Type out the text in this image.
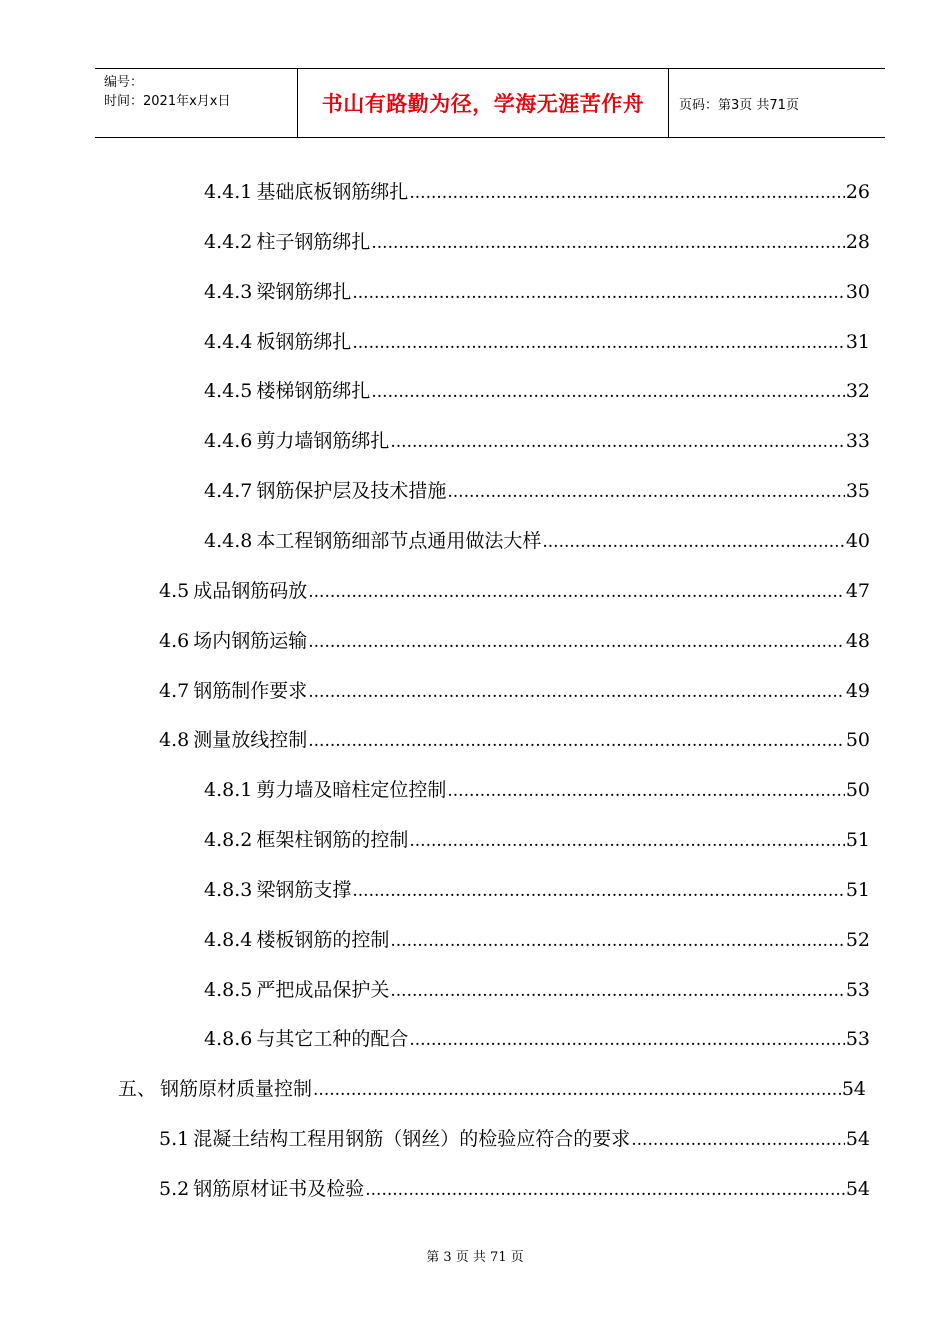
编号：
时间：2021年x月x日	书山有路勤为径，学海无涯苦作舟	页码：第3页 共71页
4.4.1 基础底板钢筋绑扎 .....	26
4.4.2 柱子钢筋绑扎 .....	28
4.4.3 梁钢筋绑扎 .....	30
4.4.4 板钢筋绑扎 .....	31
4.4.5 楼梯钢筋绑扎 .....	32
4.4.6 剪力墙钢筋绑扎 .....	33
4.4.7 钢筋保护层及技术措施 .....	35
4.4.8 本工程钢筋细部节点通用做法大样 .....	40
4.5 成品钢筋码放 .....	47
4.6 场内钢筋运输 .....	48
4.7 钢筋制作要求 .....	49
4.8 测量放线控制 .....	50
4.8.1 剪力墙及暗柱定位控制 .....	50
4.8.2 框架柱钢筋的控制 .....	51
4.8.3 梁钢筋支撑 .....	51
4.8.4 楼板钢筋的控制 .....	52
4.8.5 严把成品保护关 .....	53
4.8.6 与其它工种的配合 .....	53
五、 钢筋原材质量控制 .....	54
5.1 混凝土结构工程用钢筋（钢丝）的检验应符合的要求 .....	54
5.2 钢筋原材证书及检验 .....	54
第 3 页 共 71 页
